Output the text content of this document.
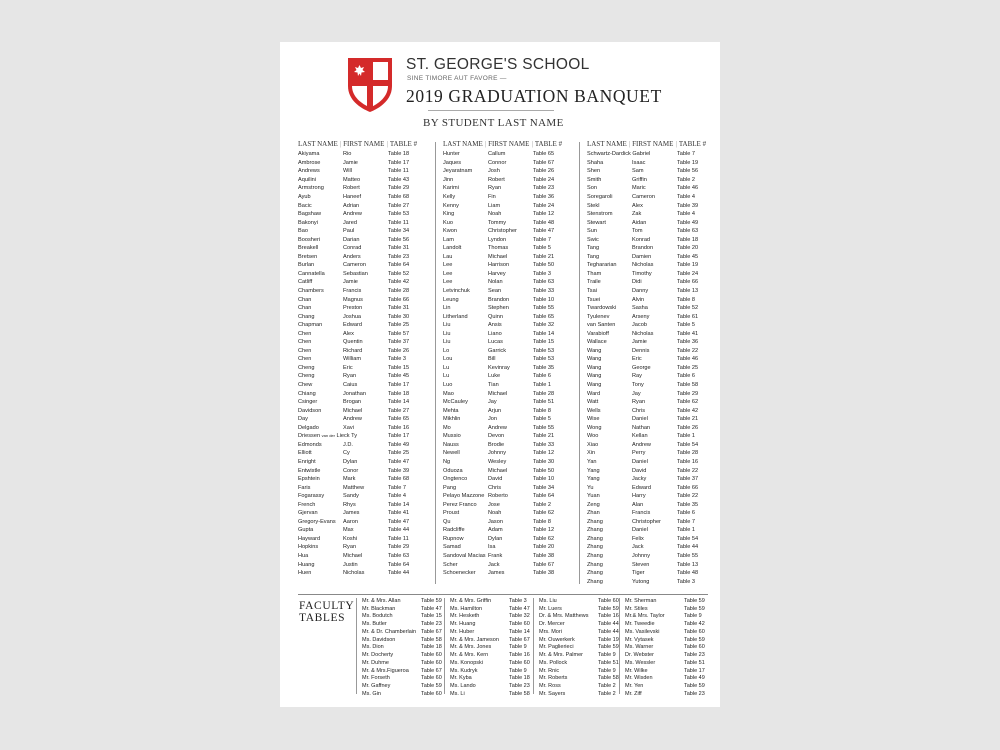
ST. GEORGE'S SCHOOL
SINE TIMORE AUT FAVORE —
2019 GRADUATION BANQUET
BY STUDENT LAST NAME
LAST NAME | FIRST NAME | TABLE #
Akiyama	Rio	Table 18
Ambrose	Jamie	Table 17
Andrews	Will	Table 11
Aquilini	Matteo	Table 43
Armstrong	Robert	Table 29
Ayub	Haneef	Table 68
Bacic	Adrian	Table 27
Bagshaw	Andrew	Table 53
Bakonyi	Jared	Table 11
Bao	Paul	Table 34
Boosheri	Darian	Table 56
Breakell	Conrad	Table 31
Bretsen	Anders	Table 23
Burlan	Cameron	Table 64
Cannatella	Sebastian	Table 52
Catliff	Jamie	Table 42
Chambers	Francis	Table 28
Chan	Magnus	Table 66
Chan	Preston	Table 31
Chang	Joshua	Table 30
Chapman	Edward	Table 25
Chen	Alex	Table 57
Chen	Quentin	Table 37
Chen	Richard	Table 26
Chen	William	Table 3
Cheng	Eric	Table 15
Cheng	Ryan	Table 45
Chew	Caius	Table 17
Chiang	Jonathan	Table 18
Csinger	Brogan	Table 14
Davidson	Michael	Table 27
Day	Andrew	Table 65
Delgado	Xavi	Table 16
Driessen van der Lieck Ty	Table 17
Edmonds	J.D.	Table 49
Elliott	Cy	Table 25
Enright	Dylan	Table 47
Entwistle	Conor	Table 39
Epshtein	Mark	Table 68
Faris	Matthew	Table 7
Fogarassy	Sandy	Table 4
French	Rhys	Table 14
Gjervan	James	Table 41
Gregory-Evans	Aaron	Table 47
Gupta	Max	Table 44
Hayward	Koshi	Table 11
Hopkins	Ryan	Table 29
Hua	Michael	Table 63
Huang	Justin	Table 64
Huen	Nicholas	Table 44
LAST NAME | FIRST NAME | TABLE #
Hunter	Callum	Table 65
Jaques	Connor	Table 67
Jeyaratnam	Josh	Table 26
Jinn	Robert	Table 24
Karimi	Ryan	Table 23
Kelly	Fin	Table 36
Kenny	Liam	Table 24
King	Noah	Table 12
Kuo	Tommy	Table 48
Kwon	Christopher	Table 47
Lam	Lyndon	Table 7
Landolt	Thomas	Table 5
Lau	Michael	Table 21
Lee	Harrison	Table 50
Lee	Harvey	Table 3
Lee	Nolan	Table 63
Letvinchuk	Sean	Table 33
Leung	Brandon	Table 10
Lin	Stephen	Table 55
Litherland	Quinn	Table 65
Liu	Ansis	Table 32
Liu	Liano	Table 14
Liu	Lucas	Table 15
Lo	Garrick	Table 53
Lou	Bill	Table 53
Lu	Kevinray	Table 35
Lu	Luke	Table 6
Luo	Tian	Table 1
Mao	Michael	Table 28
McCauley	Jay	Table 51
Mehta	Arjun	Table 8
Mikhlin	Jon	Table 5
Mo	Andrew	Table 55
Mussio	Devon	Table 21
Nauss	Brodie	Table 33
Newell	Johnny	Table 12
Ng	Wesley	Table 30
Oduoza	Michael	Table 50
Ongtenco	David	Table 10
Pang	Chris	Table 34
Pelayo Mazzone Roberto	Table 64
Perez Franco	Jose	Table 2
Proust	Noah	Table 62
Qu	Jason	Table 8
Radcliffe	Adam	Table 12
Rupnow	Dylan	Table 62
Samad	Isa	Table 20
Sandoval Macias Frank	Table 38
Scher	Jack	Table 67
Schoenecker	James	Table 38
LAST NAME | FIRST NAME | TABLE #
Schwartz-Dardick Gabriel	Table 7
Shaha	Isaac	Table 19
Shen	Sam	Table 56
Smith	Griffin	Table 2
Son	Maric	Table 46
Soregaroli	Cameron	Table 4
Stekl	Alex	Table 39
Stenstrom	Zak	Table 4
Stewart	Aidan	Table 49
Sun	Tom	Table 63
Swic	Konrad	Table 18
Tang	Brandon	Table 20
Tang	Damien	Table 45
Teghararian	Nicholas	Table 19
Tham	Timothy	Table 24
Traile	Didi	Table 66
Tsai	Danny	Table 13
Tsuei	Alvin	Table 8
Twardowski	Sasha	Table 52
Tyulenev	Arseny	Table 61
van Santen	Jacob	Table 5
Varabioff	Nicholas	Table 41
Wallace	Jamie	Table 36
Wang	Dennis	Table 22
Wang	Eric	Table 46
Wang	George	Table 25
Wang	Ray	Table 6
Wang	Tony	Table 58
Ward	Jay	Table 29
Watt	Ryan	Table 62
Wells	Chris	Table 42
Wise	Daniel	Table 21
Wong	Nathan	Table 26
Woo	Kellan	Table 1
Xiao	Andrew	Table 54
Xin	Perry	Table 28
Yan	Daniel	Table 16
Yang	David	Table 22
Yang	Jacky	Table 37
Yu	Edward	Table 66
Yuan	Harry	Table 22
Zeng	Alan	Table 35
Zhan	Francis	Table 6
Zhang	Christopher	Table 7
Zhang	Daniel	Table 1
Zhang	Felix	Table 54
Zhang	Jack	Table 44
Zhang	Johnny	Table 55
Zhang	Steven	Table 13
Zhang	Tiger	Table 48
Zhang	Yutong	Table 3
FACULTY
TABLES
Mr. & Mrs. Allan	Table 59
Mr. Blackman	Table 47
Ms. Bodutch	Table 15
Ms. Butler	Table 23
Mr. & Dr. Chamberlain Table 67
Ms. Davidson	Table 58
Ms. Dion	Table 18
Mr. Docherty	Table 60
Mr. Duhme	Table 60
Mr. & Mrs.Figueroa	Table 67
Mr. Forseth	Table 60
Mr. Gaffney	Table 59
Ms. Gin	Table 60
Mr. & Mrs. Griffin	Table 3
Ms. Hamilton	Table 47
Mr. Hesketh	Table 32
Mr. Huang	Table 60
Mr. Huber	Table 14
Mr. & Mrs. Jameson	Table 67
Mr. & Mrs. Jones	Table 9
Mr. & Mrs. Kern	Table 16
Ms. Konopski	Table 60
Ms. Kudryk	Table 9
Mr. Kyba	Table 18
Ms. Lando	Table 23
Ms. Li	Table 58
Ms. Liu	Table 60
Mr. Luers	Table 59
Dr. & Mrs. Matthews	Table 16
Dr. Mercer	Table 44
Mrs. Mori	Table 44
Mr. Ouwerkerk	Table 19
Mr. Paglierieci	Table 59
Mr. & Mrs. Palmer	Table 9
Ms. Pollock	Table 51
Mr. Rnic	Table 9
Mr. Roberts	Table 58
Mr. Ross	Table 2
Mr. Sayers	Table 2
Mr. Sherman	Table 59
Mr. Stiles	Table 59
Mr.& Mrs. Taylor	Table 9
Mr. Tweedie	Table 42
Ms. Vasilevski	Table 60
Mr. Vytasek	Table 59
Ms. Warner	Table 60
Dr. Webster	Table 23
Ms. Wessler	Table 51
Mr. Wilke	Table 17
Mr. Wisden	Table 49
Mr. Yen	Table 59
Mr. Ziff	Table 23
